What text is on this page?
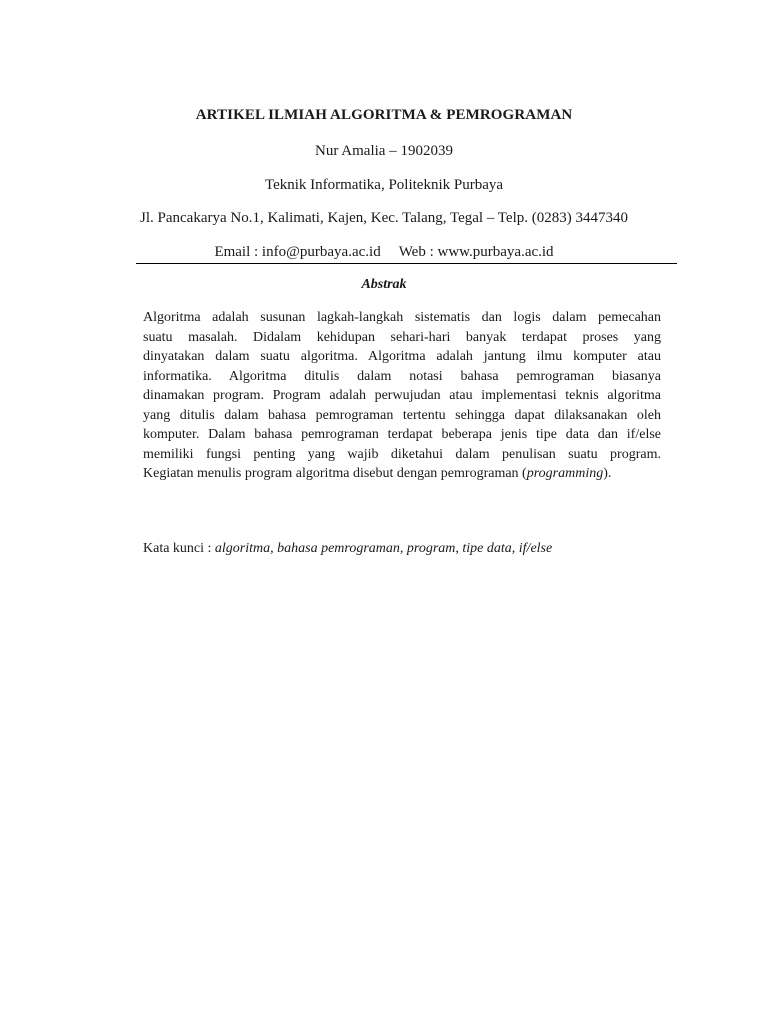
ARTIKEL ILMIAH ALGORITMA & PEMROGRAMAN
Nur Amalia – 1902039
Teknik Informatika, Politeknik Purbaya
Jl. Pancakarya No.1, Kalimati, Kajen, Kec. Talang, Tegal – Telp. (0283) 3447340
Email : info@purbaya.ac.id Web : www.purbaya.ac.id
Abstrak
Algoritma adalah susunan lagkah-langkah sistematis dan logis dalam pemecahan
suatu masalah. Didalam kehidupan sehari-hari banyak terdapat proses yang
dinyatakan dalam suatu algoritma. Algoritma adalah jantung ilmu komputer atau
informatika. Algoritma ditulis dalam notasi bahasa pemrograman biasanya
dinamakan program. Program adalah perwujudan atau implementasi teknis algoritma
yang ditulis dalam bahasa pemrograman tertentu sehingga dapat dilaksanakan oleh
komputer. Dalam bahasa pemrograman terdapat beberapa jenis tipe data dan if/else
memiliki fungsi penting yang wajib diketahui dalam penulisan suatu program.
Kegiatan menulis program algoritma disebut dengan pemrograman (programming).
Kata kunci : algoritma, bahasa pemrograman, program, tipe data, if/else
